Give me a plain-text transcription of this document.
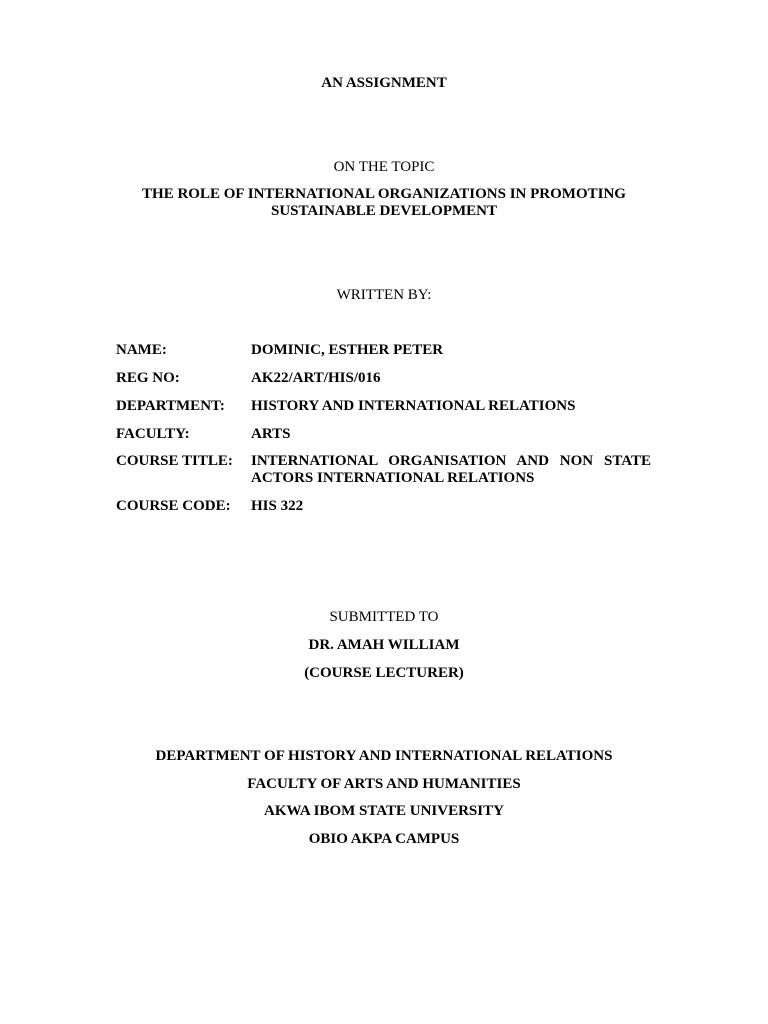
AN ASSIGNMENT
ON THE TOPIC
THE ROLE OF INTERNATIONAL ORGANIZATIONS IN PROMOTING SUSTAINABLE DEVELOPMENT
WRITTEN BY:
NAME:	DOMINIC, ESTHER PETER
REG NO:	AK22/ART/HIS/016
DEPARTMENT: HISTORY AND INTERNATIONAL RELATIONS
FACULTY:	ARTS
COURSE TITLE: INTERNATIONAL ORGANISATION AND NON STATE
ACTORS INTERNATIONAL RELATIONS
COURSE CODE: HIS 322
SUBMITTED TO
DR. AMAH WILLIAM
(COURSE LECTURER)
DEPARTMENT OF HISTORY AND INTERNATIONAL RELATIONS
FACULTY OF ARTS AND HUMANITIES
AKWA IBOM STATE UNIVERSITY
OBIO AKPA CAMPUS
